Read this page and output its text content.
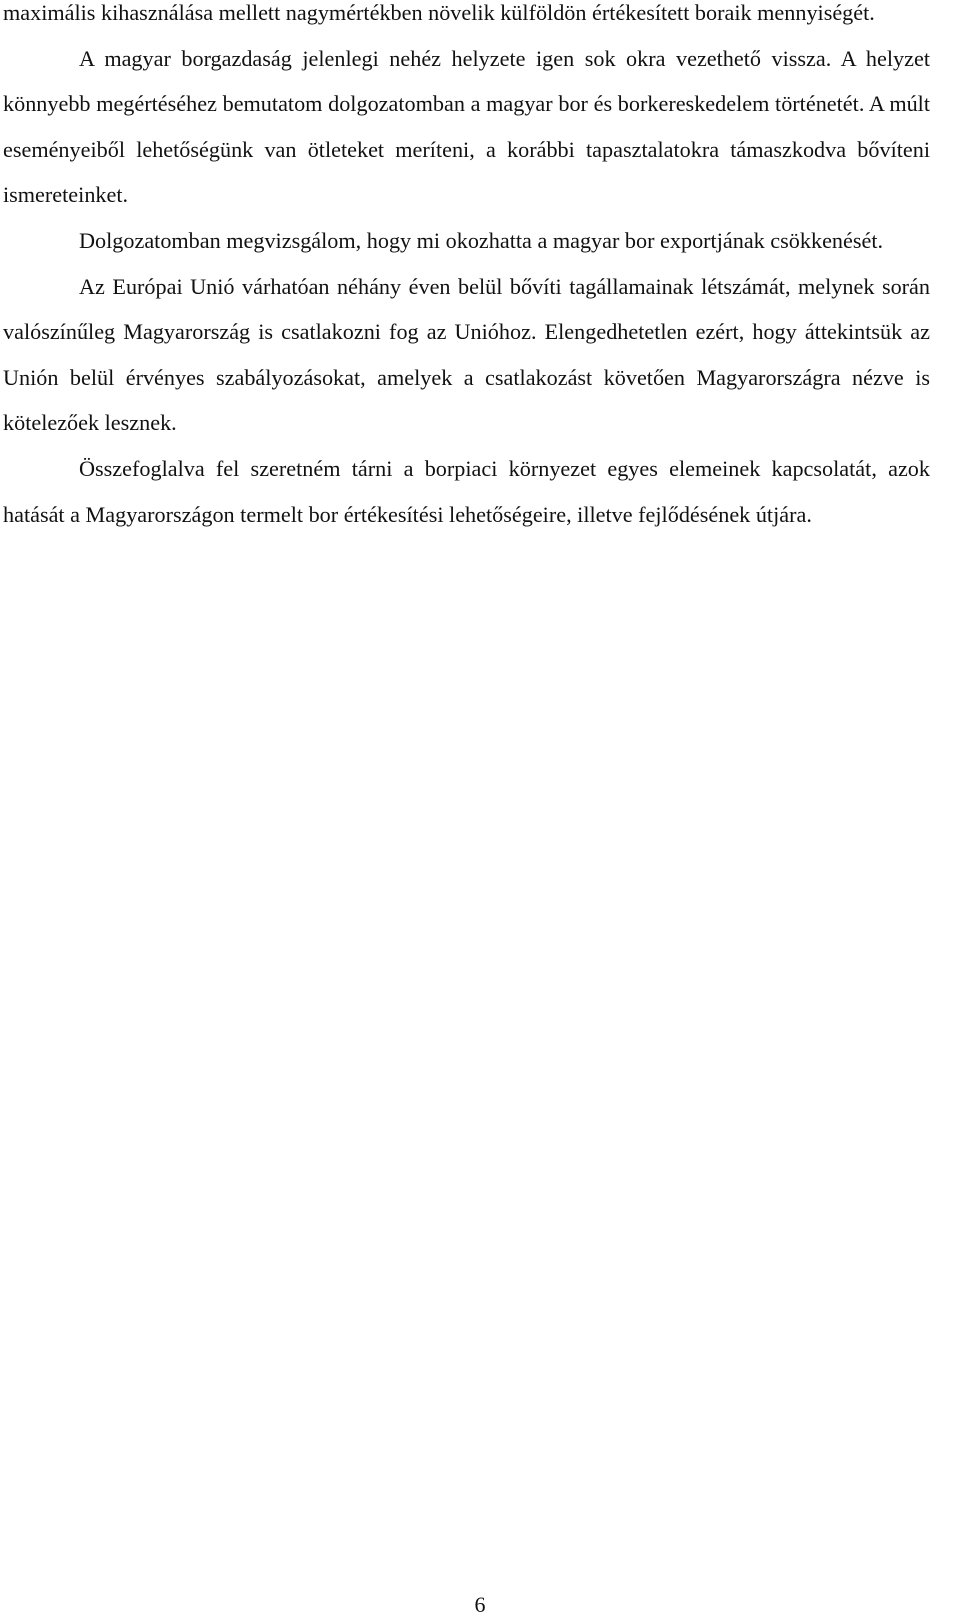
maximális kihasználása mellett nagymértékben növelik külföldön értékesített boraik mennyiségét.

A magyar borgazdaság jelenlegi nehéz helyzete igen sok okra vezethető vissza. A helyzet könnyebb megértéséhez bemutatom dolgozatomban a magyar bor és borkereskedelem történetét. A múlt eseményeiből lehetőségünk van ötleteket meríteni, a korábbi tapasztalatokra támaszkodva bővíteni ismereteinket.

Dolgozatomban megvizsgálom, hogy mi okozhatta a magyar bor exportjának csökkenését.

Az Európai Unió várhatóan néhány éven belül bővíti tagállamainak létszámát, melynek során valószínűleg Magyarország is csatlakozni fog az Unióhoz. Elengedhetetlen ezért, hogy áttekintsük az Unión belül érvényes szabályozásokat, amelyek a csatlakozást követően Magyarországra nézve is kötelezőek lesznek.

Összefoglalva fel szeretném tárni a borpiaci környezet egyes elemeinek kapcsolatát, azok hatását a Magyarországon termelt bor értékesítési lehetőségeire, illetve fejlődésének útjára.

6
